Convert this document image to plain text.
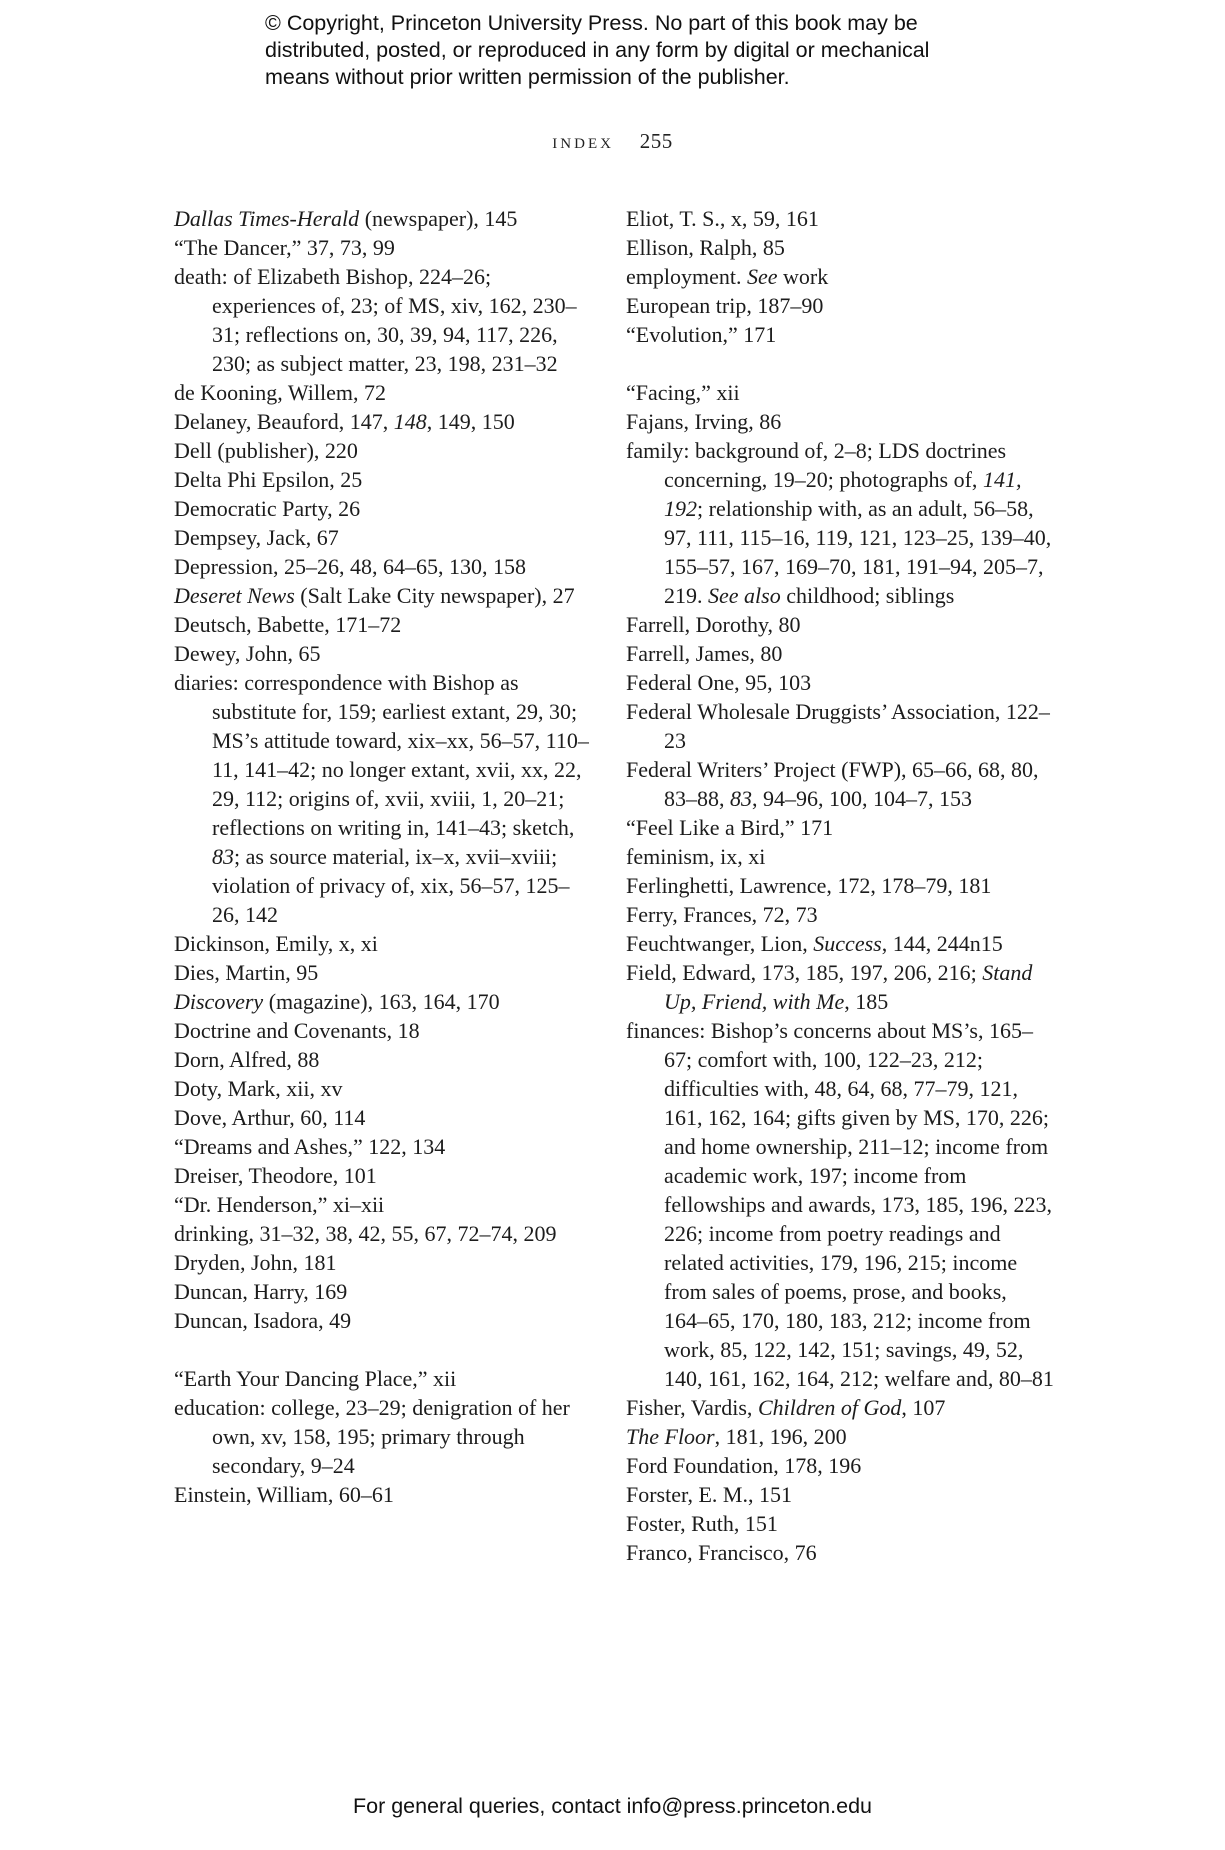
© Copyright, Princeton University Press. No part of this book may be
distributed, posted, or reproduced in any form by digital or mechanical
means without prior written permission of the publisher.
index 255

Dallas Times-Herald (newspaper), 145

“The Dancer,” 37, 73, 99

death: of Elizabeth Bishop, 224–26; experiences of, 23; of MS, xiv, 162, 230–31; reflections on, 30, 39, 94, 117, 226, 230; as subject matter, 23, 198, 231–32

de Kooning, Willem, 72

Delaney, Beauford, 147, 148, 149, 150

Dell (publisher), 220

Delta Phi Epsilon, 25

Democratic Party, 26

Dempsey, Jack, 67

Depression, 25–26, 48, 64–65, 130, 158

Deseret News (Salt Lake City newspaper), 27

Deutsch, Babette, 171–72

Dewey, John, 65

diaries: correspondence with Bishop as substitute for, 159; earliest extant, 29, 30; MS’s attitude toward, xix–xx, 56–57, 110–11, 141–42; no longer extant, xvii, xx, 22, 29, 112; origins of, xvii, xviii, 1, 20–21; reflections on writing in, 141–43; sketch, 83; as source material, ix–x, xvii–xviii; violation of privacy of, xix, 56–57, 125–26, 142

Dickinson, Emily, x, xi

Dies, Martin, 95

Discovery (magazine), 163, 164, 170

Doctrine and Covenants, 18

Dorn, Alfred, 88

Doty, Mark, xii, xv

Dove, Arthur, 60, 114

“Dreams and Ashes,” 122, 134

Dreiser, Theodore, 101

“Dr. Henderson,” xi–xii

drinking, 31–32, 38, 42, 55, 67, 72–74, 209

Dryden, John, 181

Duncan, Harry, 169

Duncan, Isadora, 49

“Earth Your Dancing Place,” xii

education: college, 23–29; denigration of her own, xv, 158, 195; primary through secondary, 9–24

Einstein, William, 60–61

Eliot, T. S., x, 59, 161

Ellison, Ralph, 85

employment. See work

European trip, 187–90

“Evolution,” 171

“Facing,” xii

Fajans, Irving, 86

family: background of, 2–8; LDS doctrines concerning, 19–20; photographs of, 141, 192; relationship with, as an adult, 56–58, 97, 111, 115–16, 119, 121, 123–25, 139–40, 155–57, 167, 169–70, 181, 191–94, 205–7, 219. See also childhood; siblings

Farrell, Dorothy, 80

Farrell, James, 80

Federal One, 95, 103

Federal Wholesale Druggists’ Association, 122–23

Federal Writers’ Project (FWP), 65–66, 68, 80, 83–88, 83, 94–96, 100, 104–7, 153

“Feel Like a Bird,” 171

feminism, ix, xi

Ferlinghetti, Lawrence, 172, 178–79, 181

Ferry, Frances, 72, 73

Feuchtwanger, Lion, Success, 144, 244n15

Field, Edward, 173, 185, 197, 206, 216; Stand Up, Friend, with Me, 185

finances: Bishop’s concerns about MS’s, 165–67; comfort with, 100, 122–23, 212; difficulties with, 48, 64, 68, 77–79, 121, 161, 162, 164; gifts given by MS, 170, 226; and home ownership, 211–12; income from academic work, 197; income from fellowships and awards, 173, 185, 196, 223, 226; income from poetry readings and related activities, 179, 196, 215; income from sales of poems, prose, and books, 164–65, 170, 180, 183, 212; income from work, 85, 122, 142, 151; savings, 49, 52, 140, 161, 162, 164, 212; welfare and, 80–81

Fisher, Vardis, Children of God, 107

The Floor, 181, 196, 200

Ford Foundation, 178, 196

Forster, E. M., 151

Foster, Ruth, 151

Franco, Francisco, 76

For general queries, contact info@press.princeton.edu
